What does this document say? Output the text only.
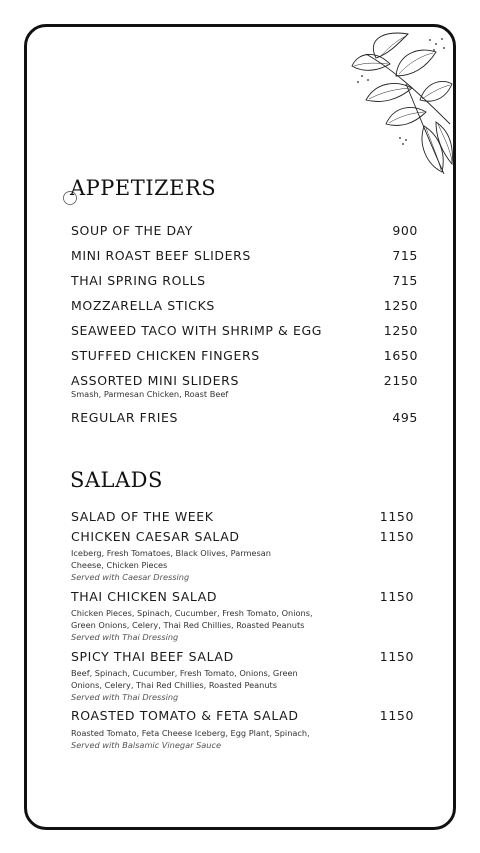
APPETIZERS
SOUP OF THE DAY	900
MINI ROAST BEEF SLIDERS	715
THAI SPRING ROLLS	715
MOZZARELLA STICKS	1250
SEAWEED TACO WITH SHRIMP & EGG	1250
STUFFED CHICKEN FINGERS	1650
ASSORTED MINI SLIDERS	2150
Smash, Parmesan Chicken, Roast Beef
REGULAR FRIES	495
SALADS
SALAD OF THE WEEK	1150
CHICKEN CAESAR SALAD	1150
Iceberg, Fresh Tomatoes, Black Olives, Parmesan
Cheese, Chicken Pieces
Served with Caesar Dressing
THAI CHICKEN SALAD	1150
Chicken Pieces, Spinach, Cucumber, Fresh Tomato, Onions,
Green Onions, Celery, Thai Red Chillies, Roasted Peanuts
Served with Thai Dressing
SPICY THAI BEEF SALAD	1150
Beef, Spinach, Cucumber, Fresh Tomato, Onions, Green
Onions, Celery, Thai Red Chillies, Roasted Peanuts
Served with Thai Dressing
ROASTED TOMATO & FETA SALAD	1150
Roasted Tomato, Feta Cheese Iceberg, Egg Plant, Spinach,
Served with Balsamic Vinegar Sauce
